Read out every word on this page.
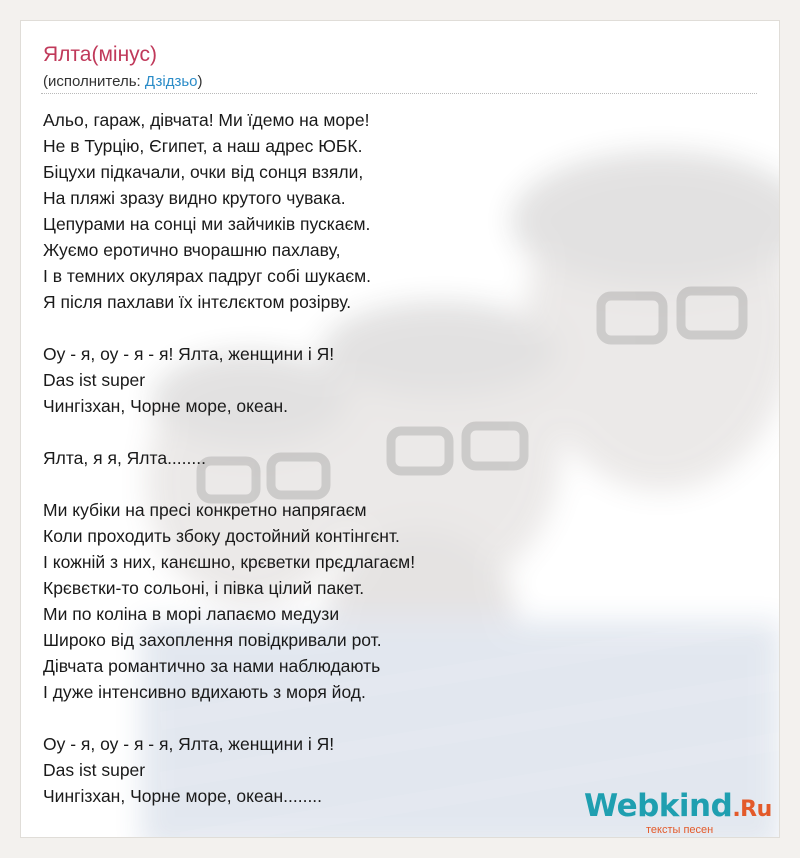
Ялта(мінус)
(исполнитель: Дзідзьо)
Альо, гараж, дівчата! Ми їдемо на море!
Не в Турцію, Єгипет, а наш адрес ЮБК.
Біцухи підкачали, очки від сонця взяли,
На пляжі зразу видно крутого чувака.
Цепурами на сонці ми зайчиків пускаєм.
Жуємо еротично вчорашню пахлаву,
І в темних окулярах падруг собі шукаєм.
Я після пахлави їх інтєлєктом розірву.
Оу - я, оу - я - я! Ялта, женщини і Я!
Das ist super
Чингізхан, Чорне море, океан.
Ялта, я я, Ялта........
Ми кубіки на пресі конкретно напрягаєм
Коли проходить збоку достойний контінгєнт.
І кожній з них, канєшно, крєветки прєдлагаєм!
Крєвєтки-то сольоні, і півка цілий пакет.
Ми по коліна в морі лапаємо медузи
Широко від захоплення повідкривали рот.
Дівчата романтично за нами наблюдають
І дуже інтенсивно вдихають з моря йод.
Оу - я, оу - я - я, Ялта, женщини і Я!
Das ist super
Чингізхан, Чорне море, океан........	Webkind.Ru
тексты песен
